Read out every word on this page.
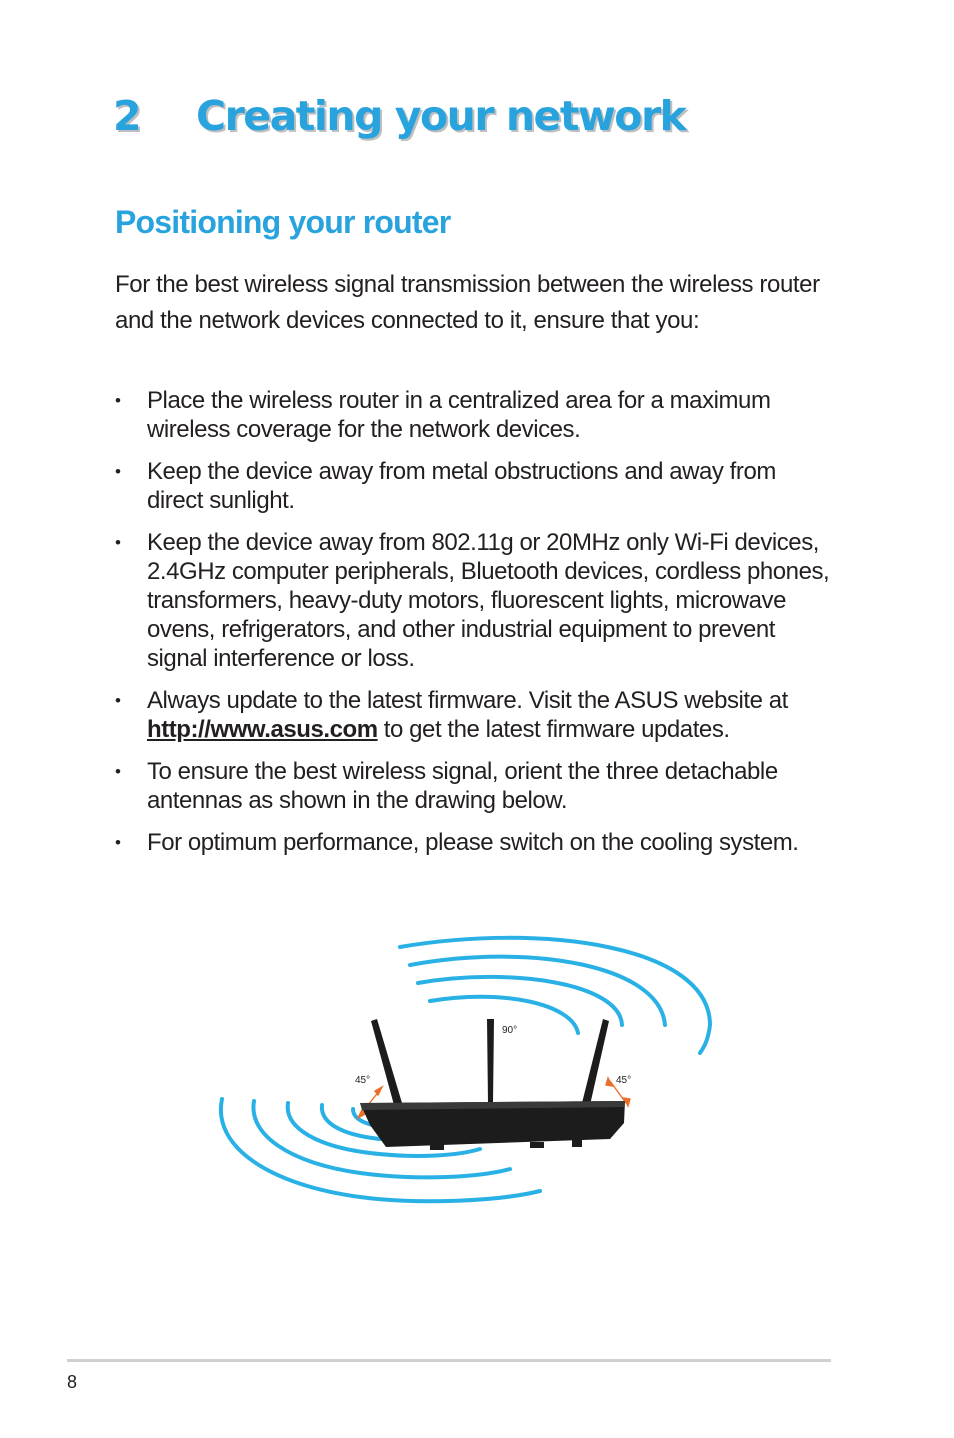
2 Creating your network
Positioning your router

For the best wireless signal transmission between the wireless router and the network devices connected to it, ensure that you:

• Place the wireless router in a centralized area for a maximum wireless coverage for the network devices.
• Keep the device away from metal obstructions and away from direct sunlight.
• Keep the device away from 802.11g or 20MHz only Wi-Fi devices, 2.4GHz computer peripherals, Bluetooth devices, cordless phones, transformers, heavy-duty motors, fluorescent lights, microwave ovens, refrigerators, and other industrial equipment to prevent signal interference or loss.
• Always update to the latest firmware. Visit the ASUS website at http://www.asus.com to get the latest firmware updates.
• To ensure the best wireless signal, orient the three detachable antennas as shown in the drawing below.
• For optimum performance, please switch on the cooling system.
90°
45°	45°
8
